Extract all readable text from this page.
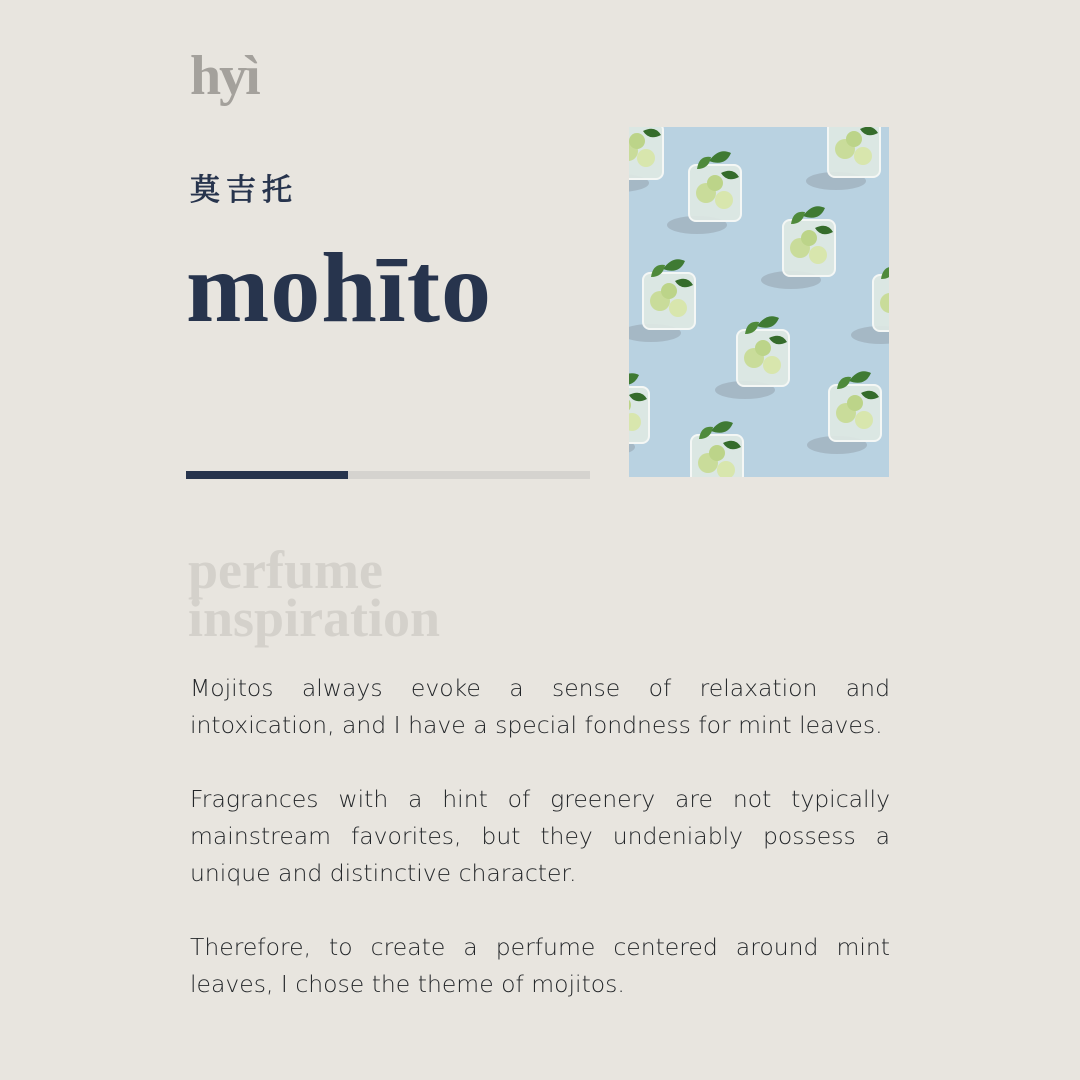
hyì
莫吉托
mohīto
perfume
inspiration

Mojitos always evoke a sense of relaxation and intoxication, and I have a special fondness for mint leaves.

Fragrances with a hint of greenery are not typically mainstream favorites, but they undeniably possess a unique and distinctive character.

Therefore, to create a perfume centered around mint leaves, I chose the theme of mojitos.
